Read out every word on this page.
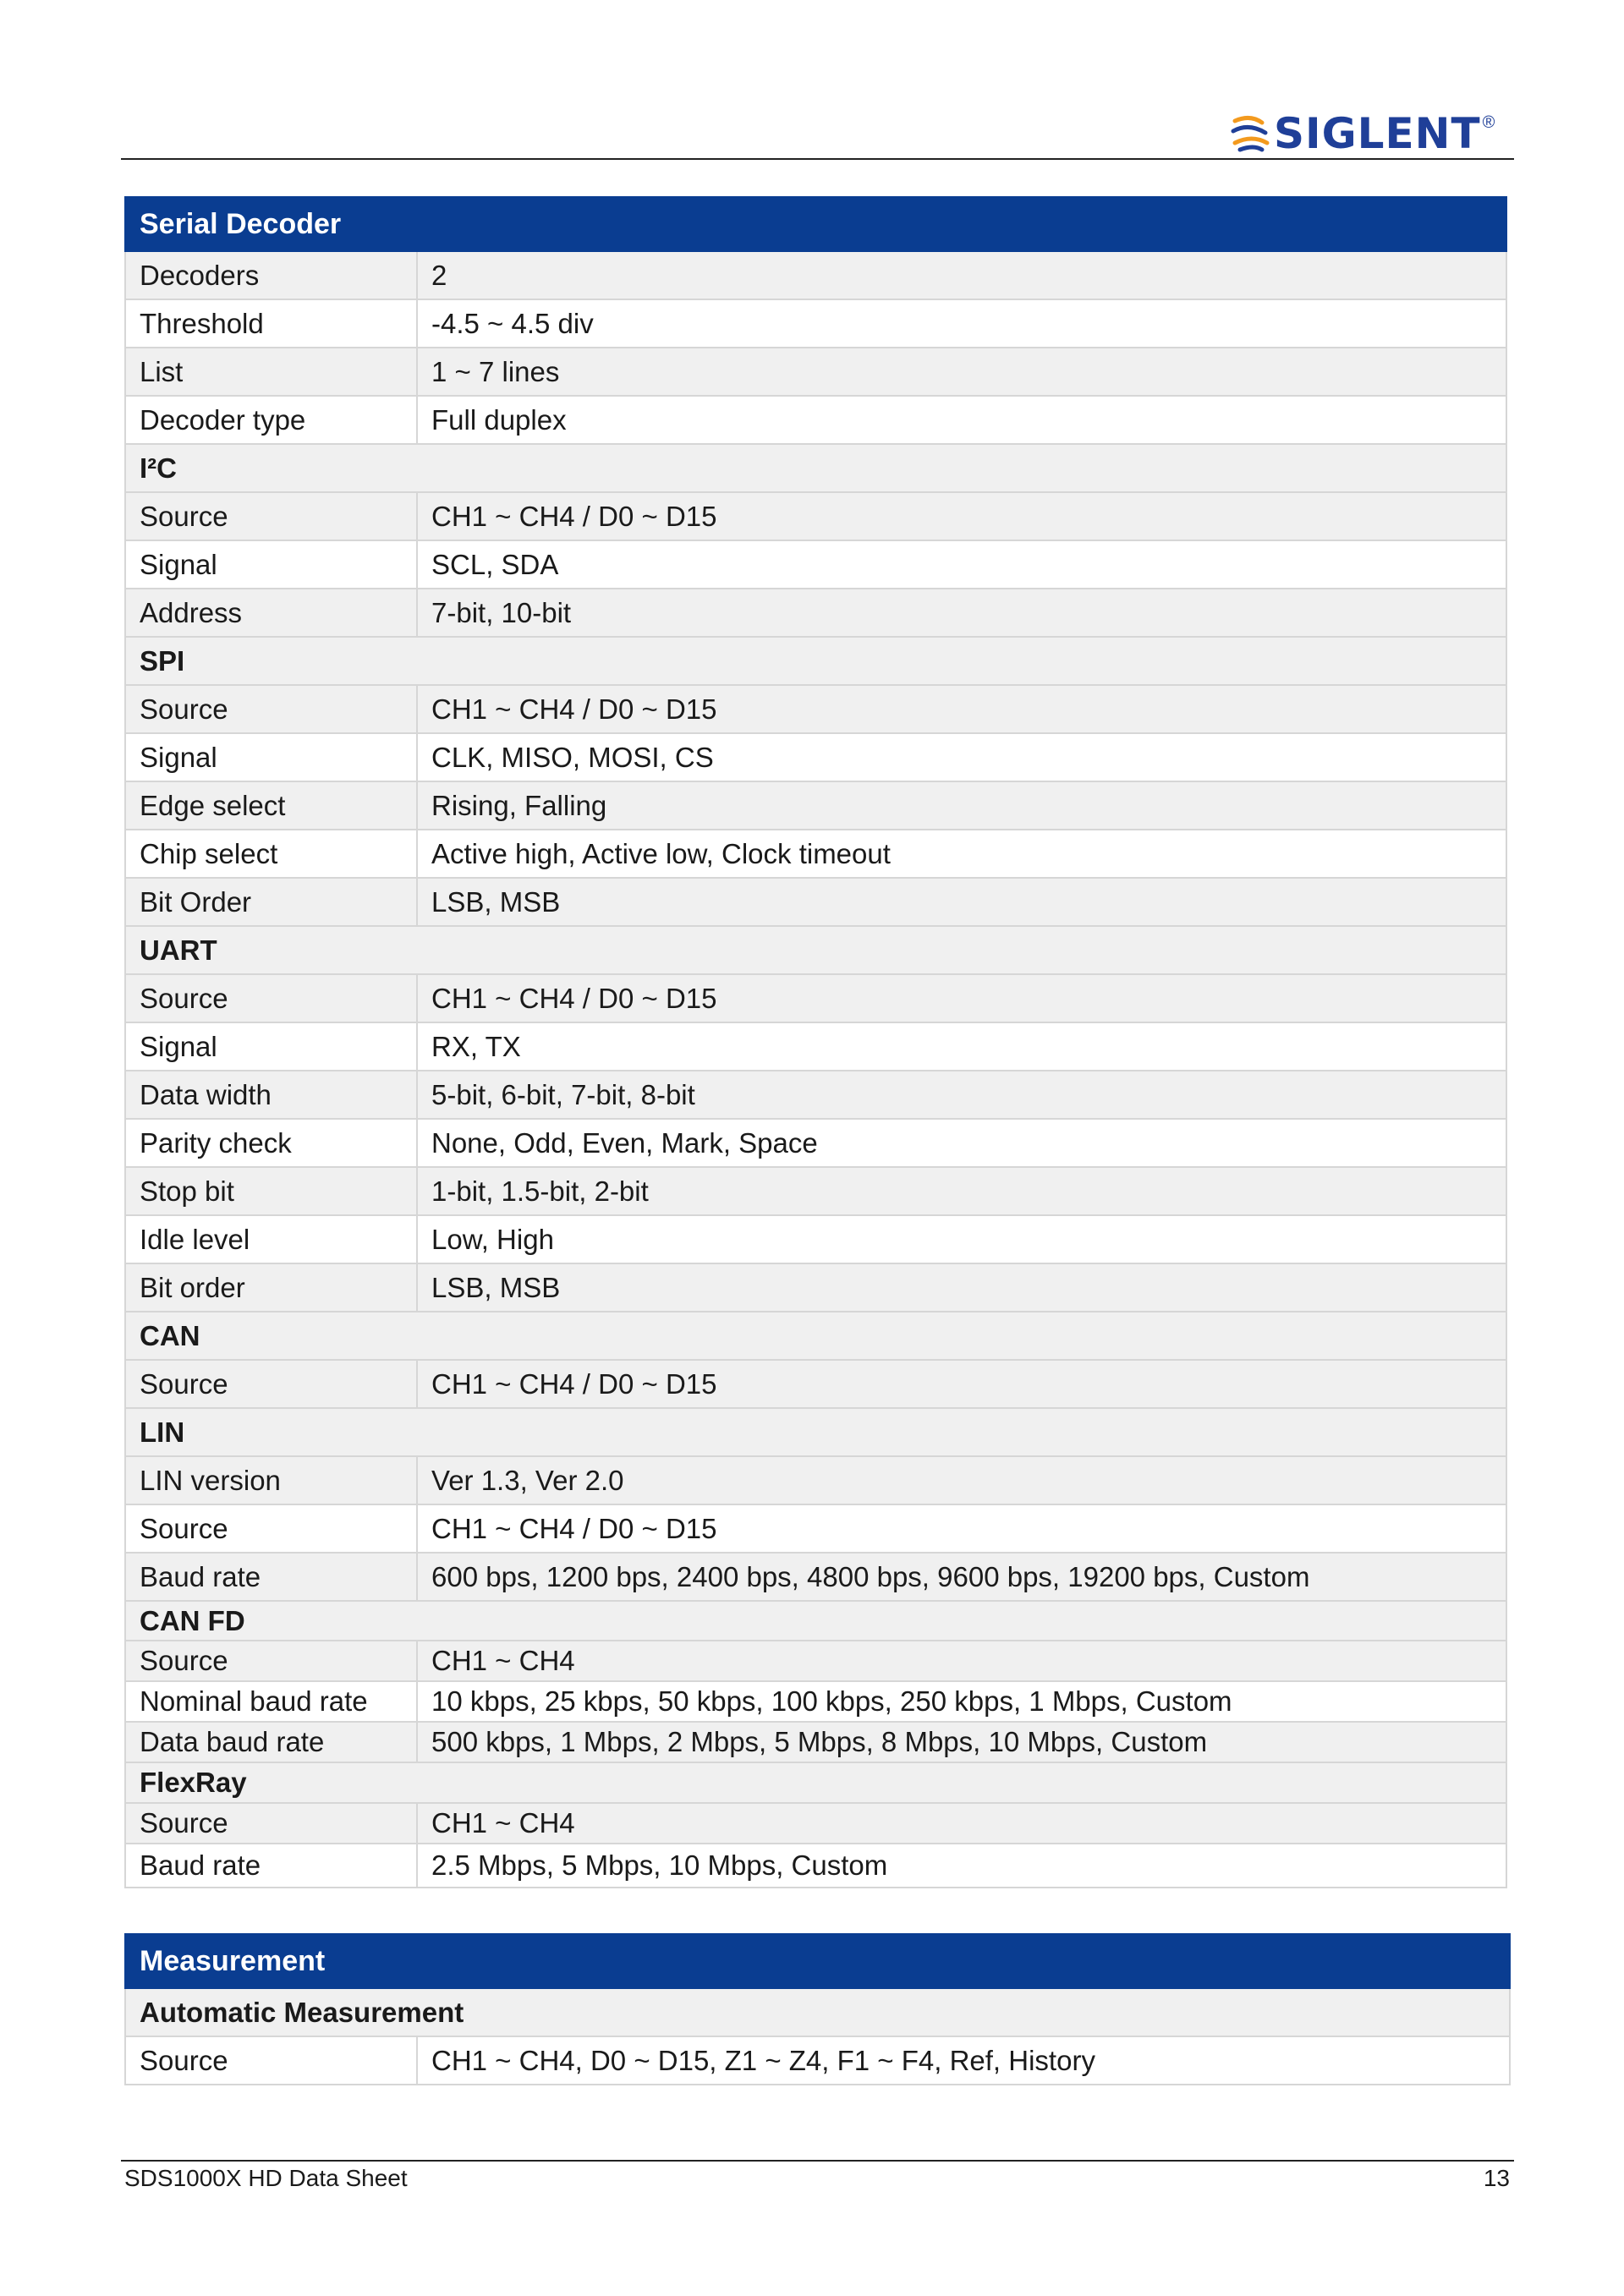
SIGLENT ®
Serial Decoder	
Decoders	2
Threshold	-4.5 ~ 4.5 div
List	1 ~ 7 lines
Decoder type	Full duplex
I²C	
Source	CH1 ~ CH4 / D0 ~ D15
Signal	SCL, SDA
Address	7-bit, 10-bit
SPI	
Source	CH1 ~ CH4 / D0 ~ D15
Signal	CLK, MISO, MOSI, CS
Edge select	Rising, Falling
Chip select	Active high, Active low, Clock timeout
Bit Order	LSB, MSB
UART	
Source	CH1 ~ CH4 / D0 ~ D15
Signal	RX, TX
Data width	5-bit, 6-bit, 7-bit, 8-bit
Parity check	None, Odd, Even, Mark, Space
Stop bit	1-bit, 1.5-bit, 2-bit
Idle level	Low, High
Bit order	LSB, MSB
CAN	
Source	CH1 ~ CH4 / D0 ~ D15
LIN	
LIN version	Ver 1.3, Ver 2.0
Source	CH1 ~ CH4 / D0 ~ D15
Baud rate	600 bps, 1200 bps, 2400 bps, 4800 bps, 9600 bps, 19200 bps, Custom
CAN FD	
Source	CH1 ~ CH4
Nominal baud rate	10 kbps, 25 kbps, 50 kbps, 100 kbps, 250 kbps, 1 Mbps, Custom
Data baud rate	500 kbps, 1 Mbps, 2 Mbps, 5 Mbps, 8 Mbps, 10 Mbps, Custom
FlexRay	
Source	CH1 ~ CH4
Baud rate	2.5 Mbps, 5 Mbps, 10 Mbps, Custom
Measurement
Automatic Measurement
Source	CH1 ~ CH4, D0 ~ D15, Z1 ~ Z4, F1 ~ F4, Ref, History
SDS1000X HD Data Sheet	13
